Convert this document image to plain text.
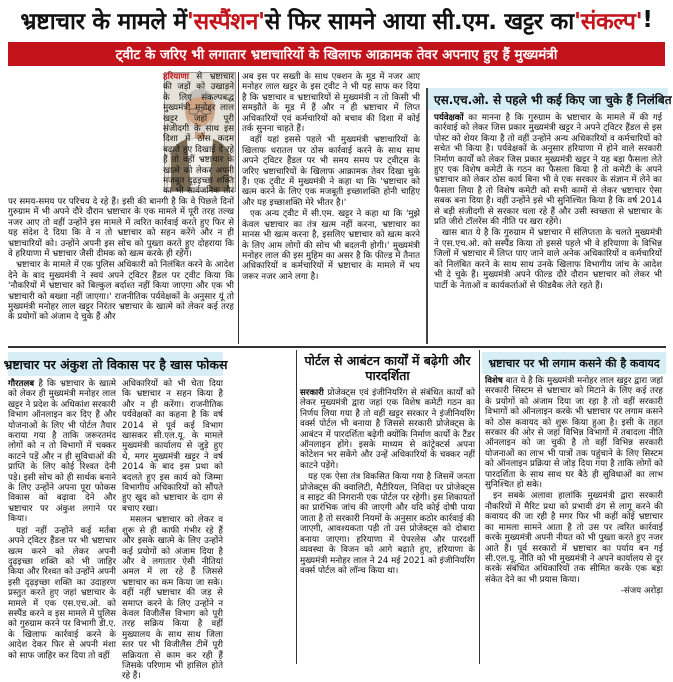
भ्रष्टाचार के मामले में 'सस्पैंशन' से फिर सामने आया सी.एम. खट्टर का 'संकल्प' !
ट्वीट के जरिए भी लगातार भ्रष्टाचारियों के खिलाफ आक्रामक तेवर अपनाए हुए हैं मुख्यमंत्री

हरियाणा से भ्रष्टाचार की जड़ों को उखाड़ने के लिए संकल्पबद्ध मुख्यमंत्री मनोहर लाल खट्टर जहां पूरी संजीदगी के साथ इस दिशा में ठोस कदम बढ़ाते हुए दिखाई दे रहे हैं तो वहीं भ्रष्टाचार के खात्मे को लेकर अपनी मजबूत दृढ़इच्छा शक्ति का भी सार्वजनिक तौर पर समय-समय पर परिचय दे रहे हैं। इसी की बानगी है कि वे पिछले दिनों गुरुग्राम में भी अपने दौरे दौरान भ्रष्टाचार के एक मामले में पूरी तरह तल्ख नजर आए तो वहीं उन्होंने इस मामले में त्वरित कार्रवाई करते हुए फिर से यह संदेश दे दिया कि वे न तो भ्रष्टाचार को सहन करेंगे और न ही भ्रष्टाचारियों को। उन्होंने अपनी इस सोच को पुख्ता करते हुए दोहराया कि वे हरियाणा में भ्रष्टाचार जैसी दीमक को खत्म करके ही रहेंगे।

भ्रष्टाचार के मामले में एक पुलिस अधिकारी को निलंबित करने के आदेश देने के बाद मुख्यमंत्री ने स्वयं अपने ट्विटर हैंडल पर ट्वीट किया कि 'नौकरियों में भ्रष्टाचार को बिल्कुल बर्दाश्त नहीं किया जाएगा और एक भी भ्रष्टाचारी को बख्शा नहीं जाएगा।' राजनीतिक पर्यवेक्षकों के अनुसार यूं तो मुख्यमंत्री मनोहर लाल खट्टर निरंतर भ्रष्टाचार के खात्मे को लेकर कई तरह के प्रयोगों को अंजाम दे चुके हैं और

अब इस पर सख्ती के साथ एक्शन के मूड में नजर आए मनोहर लाल खट्टर के इस ट्वीट ने भी यह साफ कर दिया है कि भ्रष्टाचार व भ्रष्टाचारियों से मुख्यमंत्री न तो किसी भी समझौते के मूड में हैं और न ही भ्रष्टाचार में लिप्त अधिकारियों एवं कर्मचारियों को बचाव की दिशा में कोई तर्क सुनना चाहते हैं।

वहीं यहां इससे पहले भी मुख्यमंत्री भ्रष्टाचारियों के खिलाफ धरातल पर ठोस कार्रवाई करने के साथ साथ अपने ट्विटर हैंडल पर भी समय समय पर ट्वीट्स के जरिए भ्रष्टाचारियों के खिलाफ आक्रामक तेवर दिखा चुके हैं। एक ट्वीट में मुख्यमंत्री ने कहा था कि 'भ्रष्टाचार को खत्म करने के लिए एक मजबूती इच्छाशक्ति होनी चाहिए और यह इच्छाशक्ति मेरे भीतर है।'

एक अन्य ट्वीट में सी.एम. खट्टर ने कहा था कि 'मुझे केवल भ्रष्टाचार का तंत्र खत्म नहीं करना, भ्रष्टाचार का मानस भी खत्म करना है, इसलिए भ्रष्टाचार को खत्म करने के लिए आम लोगों की सोच भी बदलनी होगी।' मुख्यमंत्री मनोहर लाल की इस मुहिम का असर है कि फील्ड में तैनात अधिकारियों व कर्मचारियों में भ्रष्टाचार के मामले में भय जरूर नजर आने लगा है।

एस.एच.ओ. से पहले भी कई किए जा चुके हैं निलंबित

पर्यवेक्षकों का मानना है कि गुरुग्राम के भ्रष्टाचार के मामले में की गई कार्रवाई को लेकर जिस प्रकार मुख्यमंत्री खट्टर ने अपने ट्विटर हैंडल से इस पोस्ट को शेयर किया है तो वहीं उन्होंने अन्य अधिकारियों व कर्मचारियों को सचेत भी किया है। पर्यवेक्षकों के अनुसार हरियाणा में होने वाले सरकारी निर्माण कार्यों को लेकर जिस प्रकार मुख्यमंत्री खट्टर ने यह बड़ा फैसला लेते हुए एक विशेष कमेटी के गठन का फैसला किया है तो कमेटी के अपने भ्रष्टाचार को लेकर ठोस कार्य बिना भी वे एक सरकार के संज्ञान में लेने का फैसला लिया है तो विशेष कमेटी को सभी कामों से लेकर भ्रष्टाचार ऐसा सबक बना दिया है। वहीं उन्होंने इसे भी सुनिश्चित किया है कि वर्ष 2014 से बड़ी संजीदगी से सरकार चला रहे हैं और उसी स्वच्छता से भ्रष्टाचार के प्रति जीरो टॉलरेंस की नीति पर खरा रहेंगे।

खास बात ये है कि गुरुग्राम में भ्रष्टाचार में संलिप्तता के चलते मुख्यमंत्री ने एस.एच.ओ. को सस्पैंड किया तो इससे पहले भी वे हरियाणा के विभिन्न जिलों में भ्रष्टाचार में लिप्त पाए जाने वाले अनेक अधिकारियों व कर्मचारियों को निलंबित करने के साथ साथ उनके खिलाफ विभागीय जांच के आदेश भी दे चुके हैं। मुख्यमंत्री अपने फील्ड दौरे दौरान भ्रष्टाचार को लेकर भी पार्टी के नेताओं व कार्यकर्ताओं से फीडबैक लेते रहते हैं।

भ्रष्टाचार पर अंकुश तो विकास पर है खास फोकस

गौरतलब है कि भ्रष्टाचार के खात्मे को लेकर ही मुख्यमंत्री मनोहर लाल खट्टर ने प्रदेश के अधिकांश सरकारी विभाग ऑनलाइन कर दिए हैं और योजनाओं के लिए भी पोर्टल तैयार कराया गया है ताकि जरूरतमंद लोगों को न तो विभागों में चक्कर काटने पड़ें और न ही सुविधाओं की प्राप्ति के लिए कोई रिश्वत देनी पड़े। इसी सोच को ही सार्थक बनाने के लिए उन्होंने अपना पूरा फोकस विकास को बढ़ावा देने और भ्रष्टाचार पर अंकुश लगाने पर किया।

यहां नहीं उन्होंने कई मर्तबा अपने ट्विटर हैंडल पर भी भ्रष्टाचार खत्म करने को लेकर अपनी दृढ़इच्छा शक्ति को भी जाहिर किया और रिश्वत को उन्होंने अपनी इसी दृढ़इच्छा शक्ति का उदाहरण प्रस्तुत करते हुए जहां भ्रष्टाचार के मामले में एक एस.एच.ओ. को सस्पैंड करने व इस मामले में पुलिस को गुरुग्राम करने पर विभागी डी.ए. के खिलाफ कार्रवाई करने के आदेश देकर फिर से अपनी मंशा को साफ जाहिर कर दिया तो वहीं

अधिकारियों को भी चेता दिया कि भ्रष्टाचार न सहन किया है और न ही करेंगा। राजनीतिक पर्यवेक्षकों का कहना है कि वर्ष 2014 से पूर्व कई विभाग खासकर सी.एल.यू. के मामले मुख्यमंत्री कार्यालय से जुड़े हुए थे, मगर मुख्यमंत्री खट्टर ने वर्ष 2014 के बाद इस प्रथा को बदलते हुए इस कार्य को जिम्मा विभागीय अधिकारियों को सौंपते हुए खुद को भ्रष्टाचार के दाग से बचाए रखा।

मसलन भ्रष्टाचार को लेकर व शुरू से ही काफी गंभीर रहे हैं और इसके खात्मे के लिए उन्होंने कई प्रयोगों को अंजाम दिया है और वे लगातार ऐसी नीतियां अमल में ला रहे हैं जिससे भ्रष्टाचार का कम किया जा सके। वहीं नहीं भ्रष्टाचार की जड़ से समाप्त करने के लिए उन्होंने न केवल विजीलैंस विभाग को पूरी तरह सक्रिय किया है वहीं मुख्यालय के साथ साथ जिला स्तर पर भी विजीलैंस टीमें पूरी सक्रियता से काम कर रही हैं जिसके परिणाम भी हासिल होते रहे हैं।

पोर्टल से आबंटन कार्यों में बढ़ेगी और पारदर्शिता

सरकारी प्रोजेक्ट्स एवं इंजीनियरिंग से संबंधित कार्यों को लेकर मुख्यमंत्री द्वारा जहां एक विशेष कमेटी गठन का निर्णय लिया गया है तो वहीं खट्टर सरकार ने इंजीनियरिंग वर्क्स पोर्टल भी बनाया है जिससे सरकारी प्रोजेक्ट्स के आबंटन में पारदर्शिता बढ़ेगी क्योंकि निर्माण कार्यों के टैंडर ऑनलाइन होंगे। इसके माध्यम से कांट्रेक्टर्स अपना कोटेशन भर सकेंगे और उन्हें अधिकारियों के चक्कर नहीं काटने पड़ेंगे।

यह एक ऐसा तंत्र विकसित किया गया है जिसमें जनता प्रोजेक्ट्स की क्वालिटी, मैटीरियल, निविदा पर प्रोजेक्ट्स व साइट की निगरानी एक पोर्टल पर रहेगी। इस शिकायतों का प्रारंभिक जांच की जाएगी और यदि कोई दोषी पाया जाता है तो सरकारी नियमों के अनुसार कठोर कार्रवाई की जाएगी, आवश्यकता पड़ी तो उस प्रोजेक्ट्स को दोबारा बनाया जाएगा। हरियाणा में पेपरलेस और पारदर्शी व्यवस्था के विजन को आगे बढ़ाते हुए, हरियाणा के मुख्यमंत्री मनोहर लाल ने 24 मई 2021 को इंजीनियरिंग वर्क्स पोर्टल को लॉन्च किया था।

भ्रष्टाचार पर भी लगाम कसने की है कवायद

विशेष बात ये है कि मुख्यमंत्री मनोहर लाल खट्टर द्वारा जहां सरकारी सिस्टम से भ्रष्टाचार को मिटाने के लिए कई तरह के प्रयोगों को अंजाम दिया जा रहा है तो वहीं सरकारी विभागों को ऑनलाइन करके भी भ्रष्टाचार पर लगाम कसने को ठोस कवायद को शुरू किया हुआ है। इसी के तहत सरकार की ओर से जहां विभिन्न विभागों में तबादला नीति ऑनलाइन को जा चुकी है तो वहीं विभिन्न सरकारी योजनाओं का लाभ भी पात्रों तक पहुंचाने के लिए सिस्टम को ऑनलाइन प्रक्रिया से जोड़ दिया गया है ताकि लोगों को पारदर्शिता के साथ साथ घर बैठे ही सुविधाओं का लाभ सुनिश्चित हो सके।

इन सबके अलावा हालांकि मुख्यमंत्री द्वारा सरकारी नौकरियों में मैरिट प्रथा को प्रभावी ढंग से लागू करने की कवायद की जा रही है मगर फिर भी कहीं कोई भ्रष्टाचार का मामला सामने आता है तो उस पर त्वरित कार्रवाई करके मुख्यमंत्री अपनी नीयत को भी पुख्ता करते हुए नजर आते हैं। पूर्व सरकारों में भ्रष्टाचार का पर्याय बन गई सी.एल.यू. नीति को भी मुख्यमंत्री ने अपने कार्यालय से दूर करके संबंधित अधिकारियों तक सीमित करके एक बड़ा संकेत देने का भी प्रयास किया।

-संजय अरोड़ा
